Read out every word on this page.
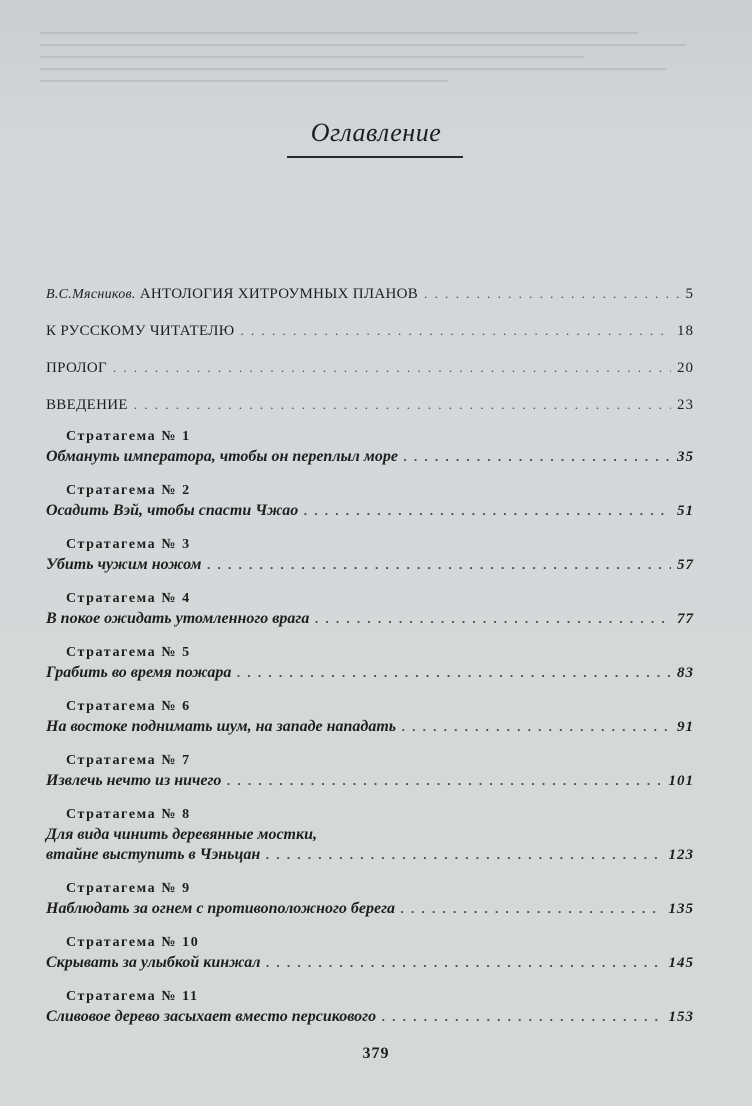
Оглавление
В.С.Мясников. АНТОЛОГИЯ ХИТРОУМНЫХ ПЛАНОВ . . .	5
К РУССКОМУ ЧИТАТЕЛЮ . . .	18
ПРОЛОГ . . .	20
ВВЕДЕНИЕ . . .	23
Стратагема № 1
Обмануть императора, чтобы он переплыл море . . .	35
Стратагема № 2
Осадить Вэй, чтобы спасти Чжао . . .	51
Стратагема № 3
Убить чужим ножом . . .	57
Стратагема № 4
В покое ожидать утомленного врага . . .	77
Стратагема № 5
Грабить во время пожара . . .	83
Стратагема № 6
На востоке поднимать шум, на западе нападать . . .	91
Стратагема № 7
Извлечь нечто из ничего . . .	101
Стратагема № 8
Для вида чинить деревянные мостки,
втайне выступить в Чэньцан . . .	123
Стратагема № 9
Наблюдать за огнем с противоположного берега . . .	135
Стратагема № 10
Скрывать за улыбкой кинжал . . .	145
Стратагема № 11
Сливовое дерево засыхает вместо персикового . . .	153
379
